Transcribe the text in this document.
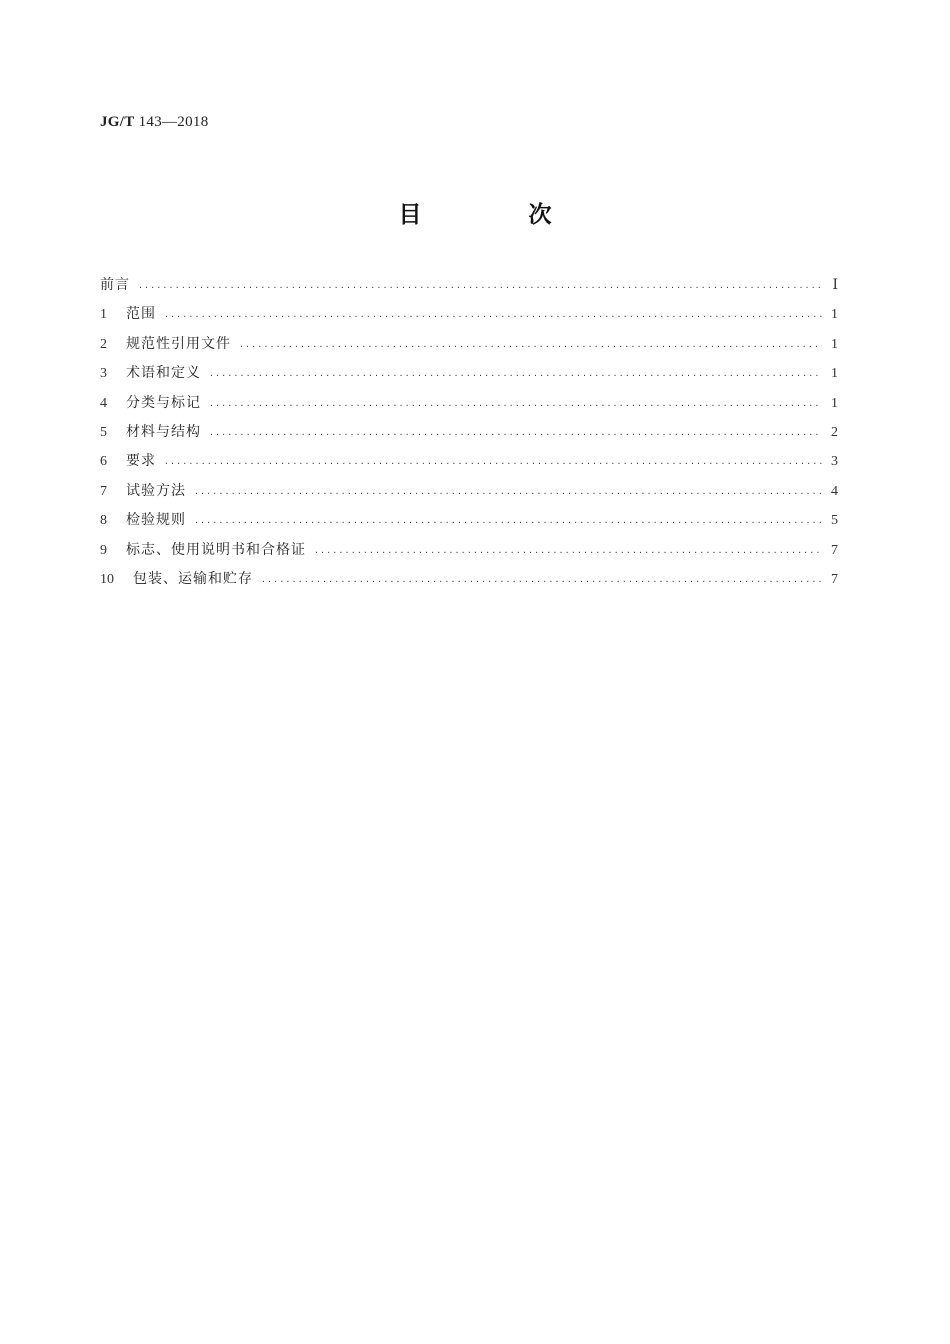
JG/T 143—2018
目　次
前言 .....	Ⅰ
1	范围 .....	1
2	规范性引用文件 .....	1
3	术语和定义 .....	1
4	分类与标记 .....	1
5	材料与结构 .....	2
6	要求 .....	3
7	试验方法 .....	4
8	检验规则 .....	5
9	标志、使用说明书和合格证 .....	7
10	包装、运输和贮存 .....	7
